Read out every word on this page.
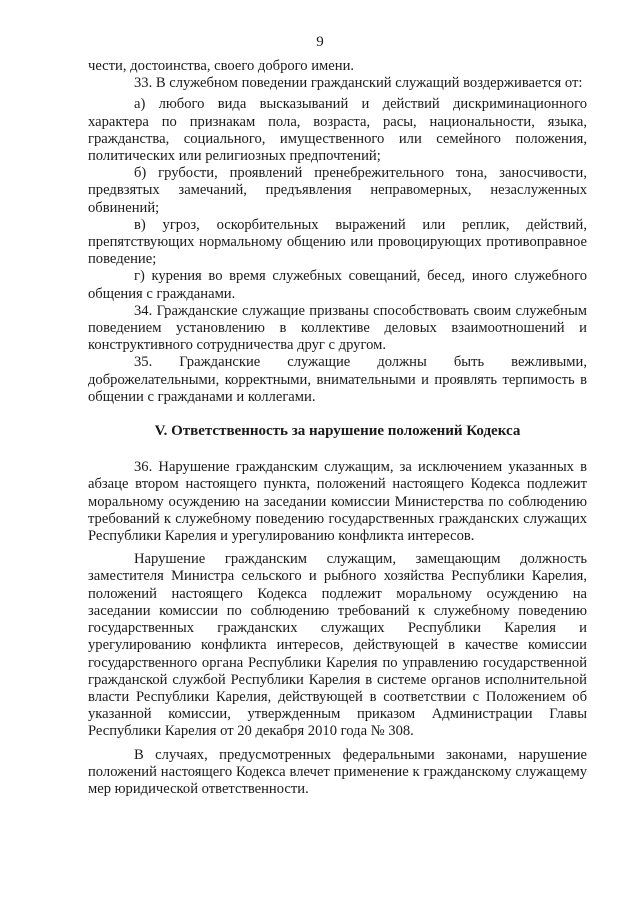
9

чести, достоинства, своего доброго имени.

33. В служебном поведении гражданский служащий воздерживается от:

а) любого вида высказываний и действий дискриминационного характера по признакам пола, возраста, расы, национальности, языка, гражданства, социального, имущественного или семейного положения, политических или религиозных предпочтений;

б) грубости, проявлений пренебрежительного тона, заносчивости, предвзятых замечаний, предъявления неправомерных, незаслуженных обвинений;

в) угроз, оскорбительных выражений или реплик, действий, препятствующих нормальному общению или провоцирующих противоправное поведение;

г) курения во время служебных совещаний, бесед, иного служебного общения с гражданами.

34. Гражданские служащие призваны способствовать своим служебным поведением установлению в коллективе деловых взаимоотношений и конструктивного сотрудничества друг с другом.

35. Гражданские служащие должны быть вежливыми, доброжелательными, корректными, внимательными и проявлять терпимость в общении с гражданами и коллегами.

V. Ответственность за нарушение положений Кодекса

36. Нарушение гражданским служащим, за исключением указанных в абзаце втором настоящего пункта, положений настоящего Кодекса подлежит моральному осуждению на заседании комиссии Министерства по соблюдению требований к служебному поведению государственных гражданских служащих Республики Карелия и урегулированию конфликта интересов.

Нарушение гражданским служащим, замещающим должность заместителя Министра сельского и рыбного хозяйства Республики Карелия, положений настоящего Кодекса подлежит моральному осуждению на заседании комиссии по соблюдению требований к служебному поведению государственных гражданских служащих Республики Карелия и урегулированию конфликта интересов, действующей в качестве комиссии государственного органа Республики Карелия по управлению государственной гражданской службой Республики Карелия в системе органов исполнительной власти Республики Карелия, действующей в соответствии с Положением об указанной комиссии, утвержденным приказом Администрации Главы Республики Карелия от 20 декабря 2010 года № 308.

В случаях, предусмотренных федеральными законами, нарушение положений настоящего Кодекса влечет применение к гражданскому служащему мер юридической ответственности.
